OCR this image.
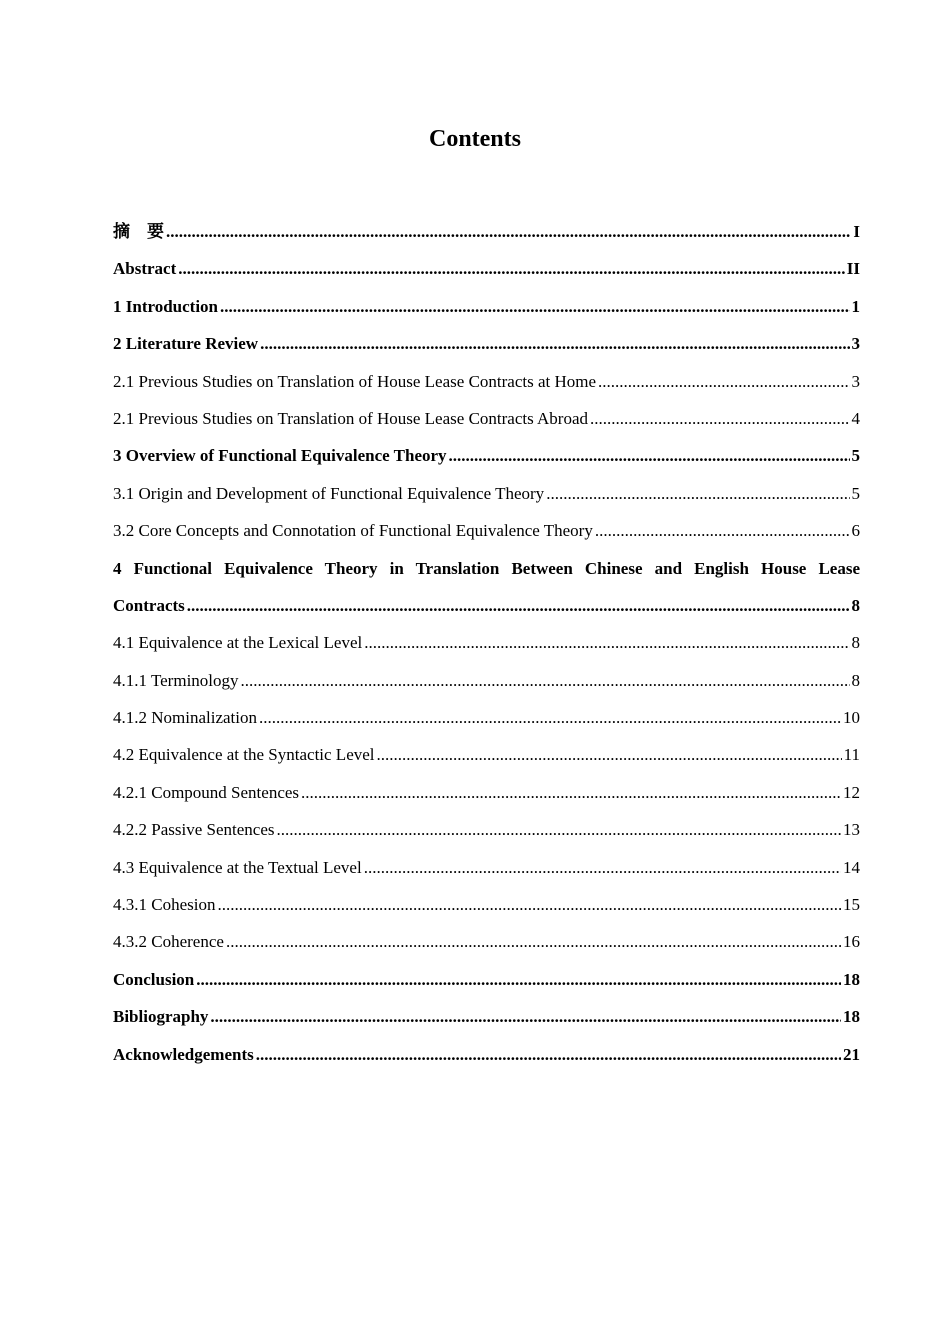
Contents
摘　要 .....	I
Abstract .....	II
1 Introduction .....	1
2 Literature Review .....	3
2.1 Previous Studies on Translation of House Lease Contracts at Home .....	3
2.1 Previous Studies on Translation of House Lease Contracts Abroad .....	4
3 Overview of Functional Equivalence Theory .....	5
3.1 Origin and Development of Functional Equivalence Theory .....	5
3.2 Core Concepts and Connotation of Functional Equivalence Theory .....	6
4 Functional Equivalence Theory in Translation Between Chinese and English House Lease
Contracts .....	8
4.1 Equivalence at the Lexical Level .....	8
4.1.1 Terminology .....	8
4.1.2 Nominalization .....	10
4.2 Equivalence at the Syntactic Level .....	11
4.2.1 Compound Sentences .....	12
4.2.2 Passive Sentences .....	13
4.3 Equivalence at the Textual Level .....	14
4.3.1 Cohesion .....	15
4.3.2 Coherence .....	16
Conclusion .....	18
Bibliography .....	18
Acknowledgements .....	21
